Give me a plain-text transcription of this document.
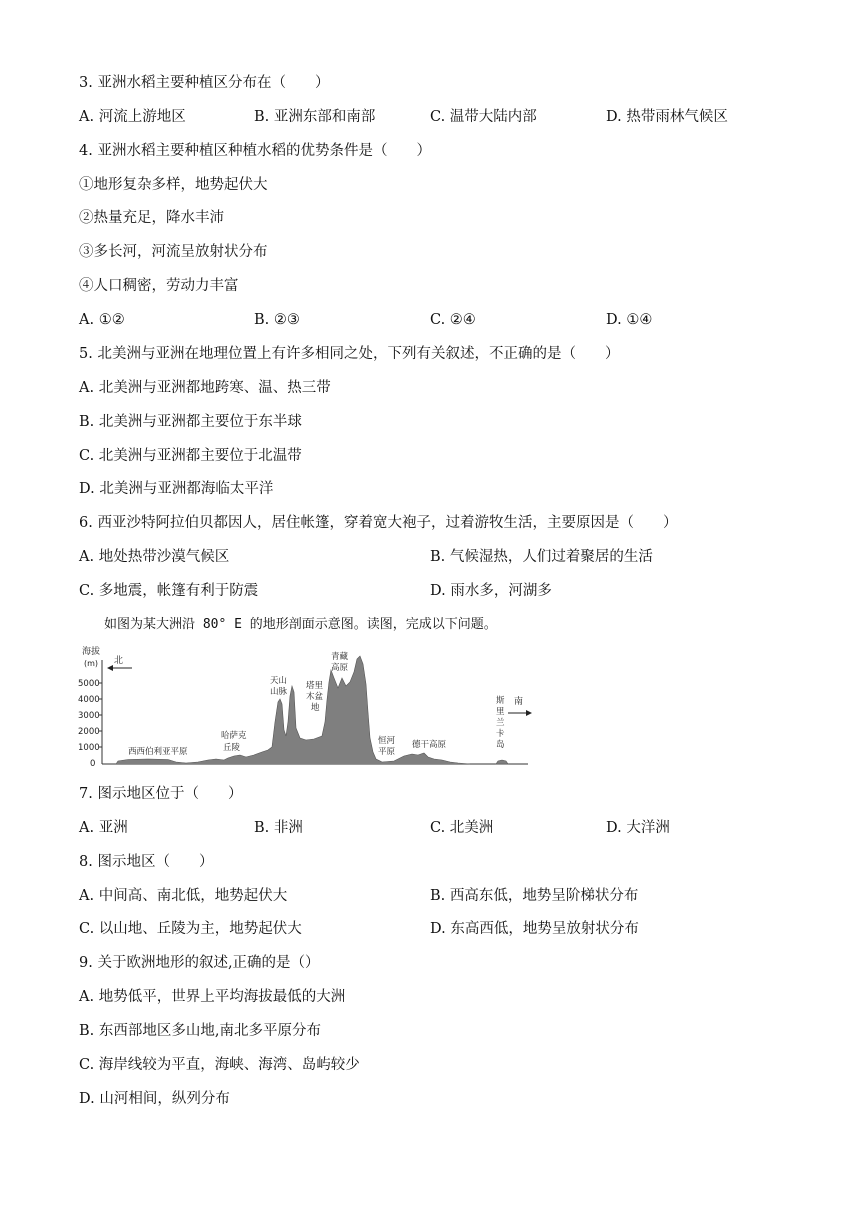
3. 亚洲水稻主要种植区分布在（　　）
A. 河流上游地区	B. 亚洲东部和南部	C. 温带大陆内部	D. 热带雨林气候区
4. 亚洲水稻主要种植区种植水稻的优势条件是（　　）
①地形复杂多样，地势起伏大
②热量充足，降水丰沛
③多长河，河流呈放射状分布
④人口稠密，劳动力丰富
A. ①②	B. ②③	C. ②④	D. ①④
5. 北美洲与亚洲在地理位置上有许多相同之处，下列有关叙述，不正确的是（　　）
A. 北美洲与亚洲都地跨寒、温、热三带
B. 北美洲与亚洲都主要位于东半球
C. 北美洲与亚洲都主要位于北温带
D. 北美洲与亚洲都海临太平洋
6. 西亚沙特阿拉伯贝都因人，居住帐篷，穿着宽大袍子，过着游牧生活，主要原因是（　　）
A. 地处热带沙漠气候区	B. 气候湿热，人们过着聚居的生活
C. 多地震，帐篷有利于防震	D. 雨水多，河湖多
如图为某大洲沿 80° E 的地形剖面示意图。读图，完成以下问题。
海拔
(m)
5000
4000
3000
2000
1000
0
北
南
西西伯利亚平原
哈萨克
丘陵
天山
山脉
塔里
木盆
地
青藏
高原
恒河
平原
德干高原
斯
里
兰
卡
岛
7. 图示地区位于（　　）
A. 亚洲	B. 非洲	C. 北美洲	D. 大洋洲
8. 图示地区（　　）
A. 中间高、南北低，地势起伏大	B. 西高东低，地势呈阶梯状分布
C. 以山地、丘陵为主，地势起伏大	D. 东高西低，地势呈放射状分布
9. 关于欧洲地形的叙述,正确的是（）
A. 地势低平，世界上平均海拔最低的大洲
B. 东西部地区多山地,南北多平原分布
C. 海岸线较为平直，海峡、海湾、岛屿较少
D. 山河相间，纵列分布
